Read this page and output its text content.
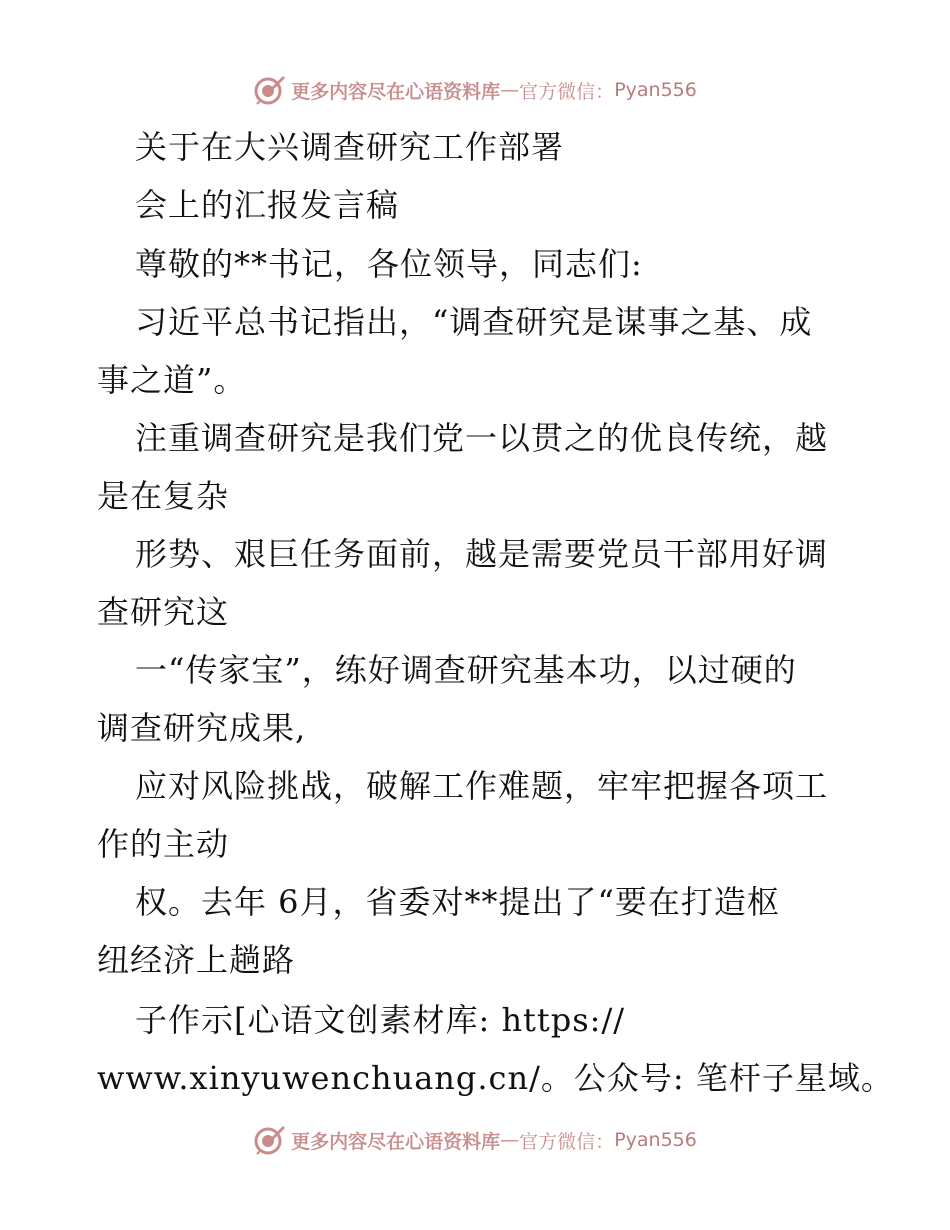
更多内容尽在心语资料库 — 官方微信： Pyan556
关于在大兴调查研究工作部署
会上的汇报发言稿
尊敬的**书记，各位领导，同志们:
习近平总书记指出，“调查研究是谋事之基、成
事之道”。
注重调查研究是我们党一以贯之的优良传统，越
是在复杂
形势、艰巨任务面前，越是需要党员干部用好调
查研究这
一“传家宝”，练好调查研究基本功，以过硬的
调查研究成果,
应对风险挑战，破解工作难题，牢牢把握各项工
作的主动
权。去年 6月，省委对**提出了“要在打造枢
纽经济上趟路
子作示[心语文创素材库: https://
www.xinyuwenchuang.cn/。公众号: 笔杆子星域。
更多内容尽在心语资料库 — 官方微信： Pyan556
